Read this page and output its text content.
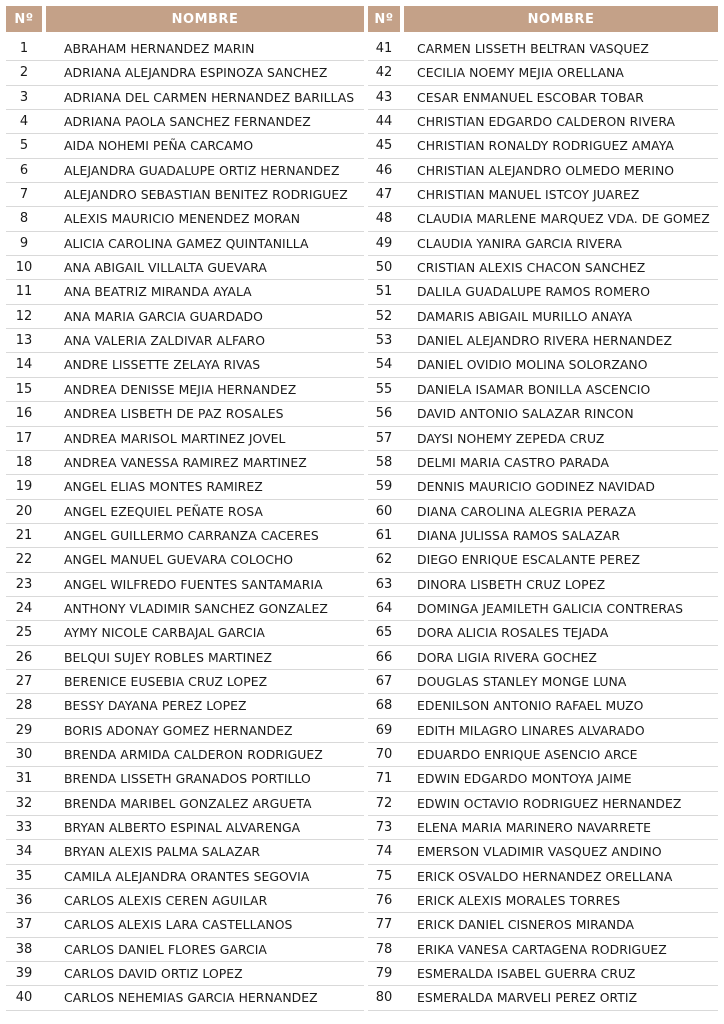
Nº	NOMBRE	Nº	NOMBRE
1	ABRAHAM HERNANDEZ MARIN
2	ADRIANA ALEJANDRA ESPINOZA SANCHEZ
3	ADRIANA DEL CARMEN HERNANDEZ BARILLAS
4	ADRIANA PAOLA SANCHEZ FERNANDEZ
5	AIDA NOHEMI PEÑA CARCAMO
6	ALEJANDRA GUADALUPE ORTIZ HERNANDEZ
7	ALEJANDRO SEBASTIAN BENITEZ RODRIGUEZ
8	ALEXIS MAURICIO MENENDEZ MORAN
9	ALICIA CAROLINA GAMEZ QUINTANILLA
10	ANA ABIGAIL VILLALTA GUEVARA
11	ANA BEATRIZ MIRANDA AYALA
12	ANA MARIA GARCIA GUARDADO
13	ANA VALERIA ZALDIVAR ALFARO
14	ANDRE LISSETTE ZELAYA RIVAS
15	ANDREA DENISSE MEJIA HERNANDEZ
16	ANDREA LISBETH DE PAZ ROSALES
17	ANDREA MARISOL MARTINEZ JOVEL
18	ANDREA VANESSA RAMIREZ MARTINEZ
19	ANGEL ELIAS MONTES RAMIREZ
20	ANGEL EZEQUIEL PEÑATE ROSA
21	ANGEL GUILLERMO CARRANZA CACERES
22	ANGEL MANUEL GUEVARA COLOCHO
23	ANGEL WILFREDO FUENTES SANTAMARIA
24	ANTHONY VLADIMIR SANCHEZ GONZALEZ
25	AYMY NICOLE CARBAJAL GARCIA
26	BELQUI SUJEY ROBLES MARTINEZ
27	BERENICE EUSEBIA CRUZ LOPEZ
28	BESSY DAYANA PEREZ LOPEZ
29	BORIS ADONAY GOMEZ HERNANDEZ
30	BRENDA ARMIDA CALDERON RODRIGUEZ
31	BRENDA LISSETH GRANADOS PORTILLO
32	BRENDA MARIBEL GONZALEZ ARGUETA
33	BRYAN ALBERTO ESPINAL ALVARENGA
34	BRYAN ALEXIS PALMA SALAZAR
35	CAMILA ALEJANDRA ORANTES SEGOVIA
36	CARLOS ALEXIS CEREN AGUILAR
37	CARLOS ALEXIS LARA CASTELLANOS
38	CARLOS DANIEL FLORES GARCIA
39	CARLOS DAVID ORTIZ LOPEZ
40	CARLOS NEHEMIAS GARCIA HERNANDEZ
41	CARMEN LISSETH BELTRAN VASQUEZ
42	CECILIA NOEMY MEJIA ORELLANA
43	CESAR ENMANUEL ESCOBAR TOBAR
44	CHRISTIAN EDGARDO CALDERON RIVERA
45	CHRISTIAN RONALDY RODRIGUEZ AMAYA
46	CHRISTIAN ALEJANDRO OLMEDO MERINO
47	CHRISTIAN MANUEL ISTCOY JUAREZ
48	CLAUDIA MARLENE MARQUEZ VDA. DE GOMEZ
49	CLAUDIA YANIRA GARCIA RIVERA
50	CRISTIAN ALEXIS CHACON SANCHEZ
51	DALILA GUADALUPE RAMOS ROMERO
52	DAMARIS ABIGAIL MURILLO ANAYA
53	DANIEL ALEJANDRO RIVERA HERNANDEZ
54	DANIEL OVIDIO MOLINA SOLORZANO
55	DANIELA ISAMAR BONILLA ASCENCIO
56	DAVID ANTONIO SALAZAR RINCON
57	DAYSI NOHEMY ZEPEDA CRUZ
58	DELMI MARIA CASTRO PARADA
59	DENNIS MAURICIO GODINEZ NAVIDAD
60	DIANA CAROLINA ALEGRIA PERAZA
61	DIANA JULISSA RAMOS SALAZAR
62	DIEGO ENRIQUE ESCALANTE PEREZ
63	DINORA LISBETH CRUZ LOPEZ
64	DOMINGA JEAMILETH GALICIA CONTRERAS
65	DORA ALICIA ROSALES TEJADA
66	DORA LIGIA RIVERA GOCHEZ
67	DOUGLAS STANLEY MONGE LUNA
68	EDENILSON ANTONIO RAFAEL MUZO
69	EDITH MILAGRO LINARES ALVARADO
70	EDUARDO ENRIQUE ASENCIO ARCE
71	EDWIN EDGARDO MONTOYA JAIME
72	EDWIN OCTAVIO RODRIGUEZ HERNANDEZ
73	ELENA MARIA MARINERO NAVARRETE
74	EMERSON VLADIMIR VASQUEZ ANDINO
75	ERICK OSVALDO HERNANDEZ ORELLANA
76	ERICK ALEXIS MORALES TORRES
77	ERICK DANIEL CISNEROS MIRANDA
78	ERIKA VANESA CARTAGENA RODRIGUEZ
79	ESMERALDA ISABEL GUERRA CRUZ
80	ESMERALDA MARVELI PEREZ ORTIZ
